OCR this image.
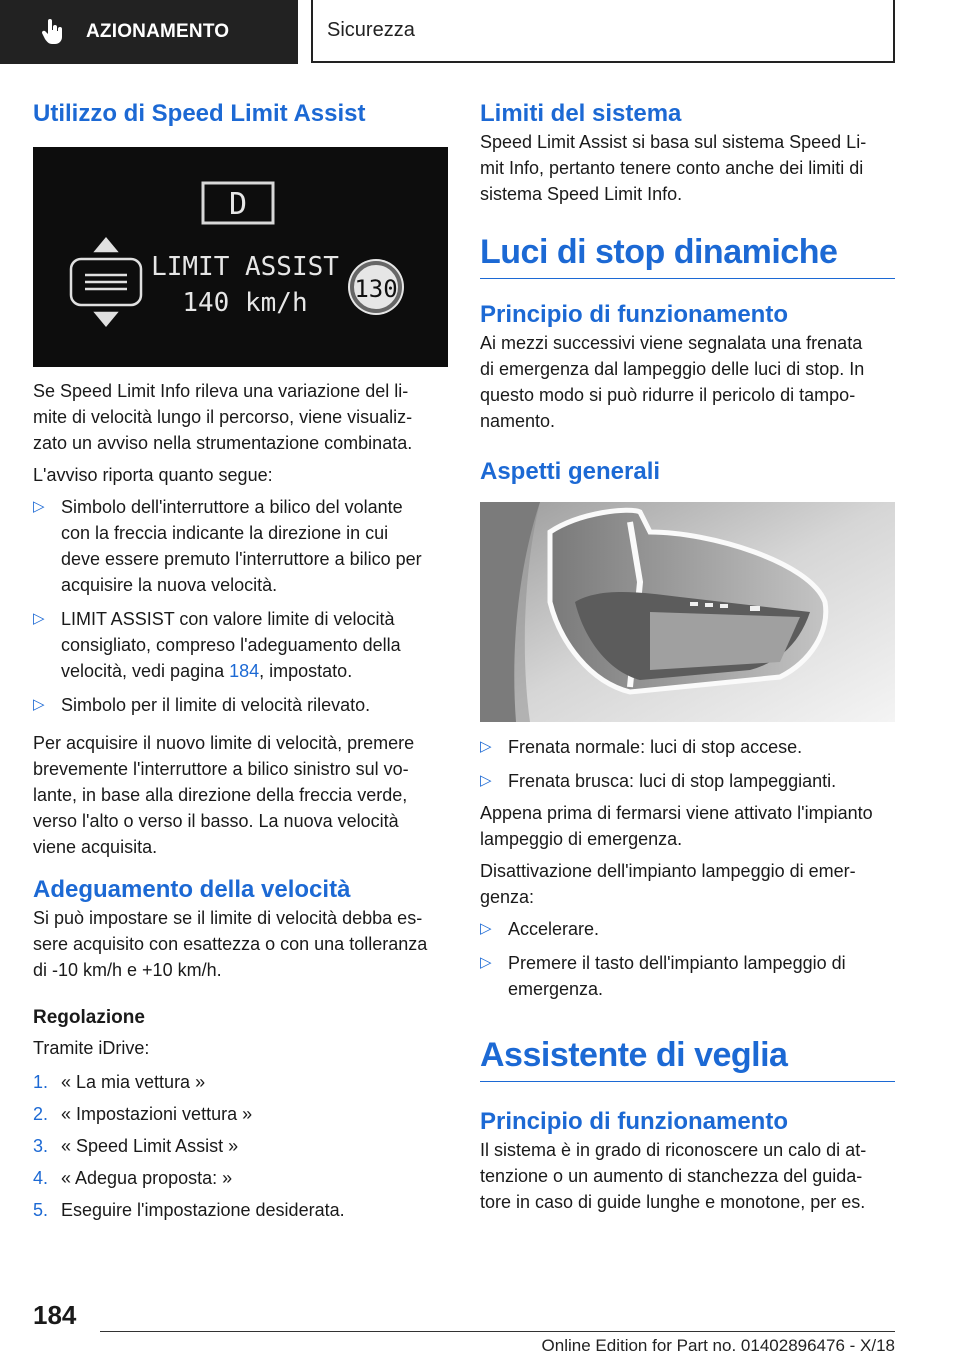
AZIONAMENTO	Sicurezza
Utilizzo di Speed Limit Assist
D
LIMIT ASSIST
140 km/h 130

Se Speed Limit Info rileva una variazione del li-
mite di velocità lungo il percorso, viene visualiz-
zato un avviso nella strumentazione combinata.

L'avviso riporta quanto segue:

▷ Simbolo dell'interruttore a bilico del volante
con la freccia indicante la direzione in cui
deve essere premuto l'interruttore a bilico per
acquisire la nuova velocità.
▷ LIMIT ASSIST con valore limite di velocità
consigliato, compreso l'adeguamento della
velocità, vedi pagina 184, impostato.
▷ Simbolo per il limite di velocità rilevato.

Per acquisire il nuovo limite di velocità, premere
brevemente l'interruttore a bilico sinistro sul vo-
lante, in base alla direzione della freccia verde,
verso l'alto o verso il basso. La nuova velocità
viene acquisita.

Adeguamento della velocità

Si può impostare se il limite di velocità debba es-
sere acquisito con esattezza o con una tolleranza
di -10 km/h e +10 km/h.

Regolazione

Tramite iDrive:

1. « La mia vettura »
2. « Impostazioni vettura »
3. « Speed Limit Assist »
4. « Adegua proposta: »
5. Eseguire l'impostazione desiderata.
Limiti del sistema

Speed Limit Assist si basa sul sistema Speed Li-
mit Info, pertanto tenere conto anche dei limiti di
sistema Speed Limit Info.

Luci di stop dinamiche
Principio di funzionamento

Ai mezzi successivi viene segnalata una frenata
di emergenza dal lampeggio delle luci di stop. In
questo modo si può ridurre il pericolo di tampo-
namento.

Aspetti generali
▷ Frenata normale: luci di stop accese.
▷ Frenata brusca: luci di stop lampeggianti.

Appena prima di fermarsi viene attivato l'impianto
lampeggio di emergenza.

Disattivazione dell'impianto lampeggio di emer-
genza:

▷ Accelerare.
▷ Premere il tasto dell'impianto lampeggio di
emergenza.
Assistente di veglia
Principio di funzionamento

Il sistema è in grado di riconoscere un calo di at-
tenzione o un aumento di stanchezza del guida-
tore in caso di guide lunghe e monotone, per es.

184
Online Edition for Part no. 01402896476 - X/18
